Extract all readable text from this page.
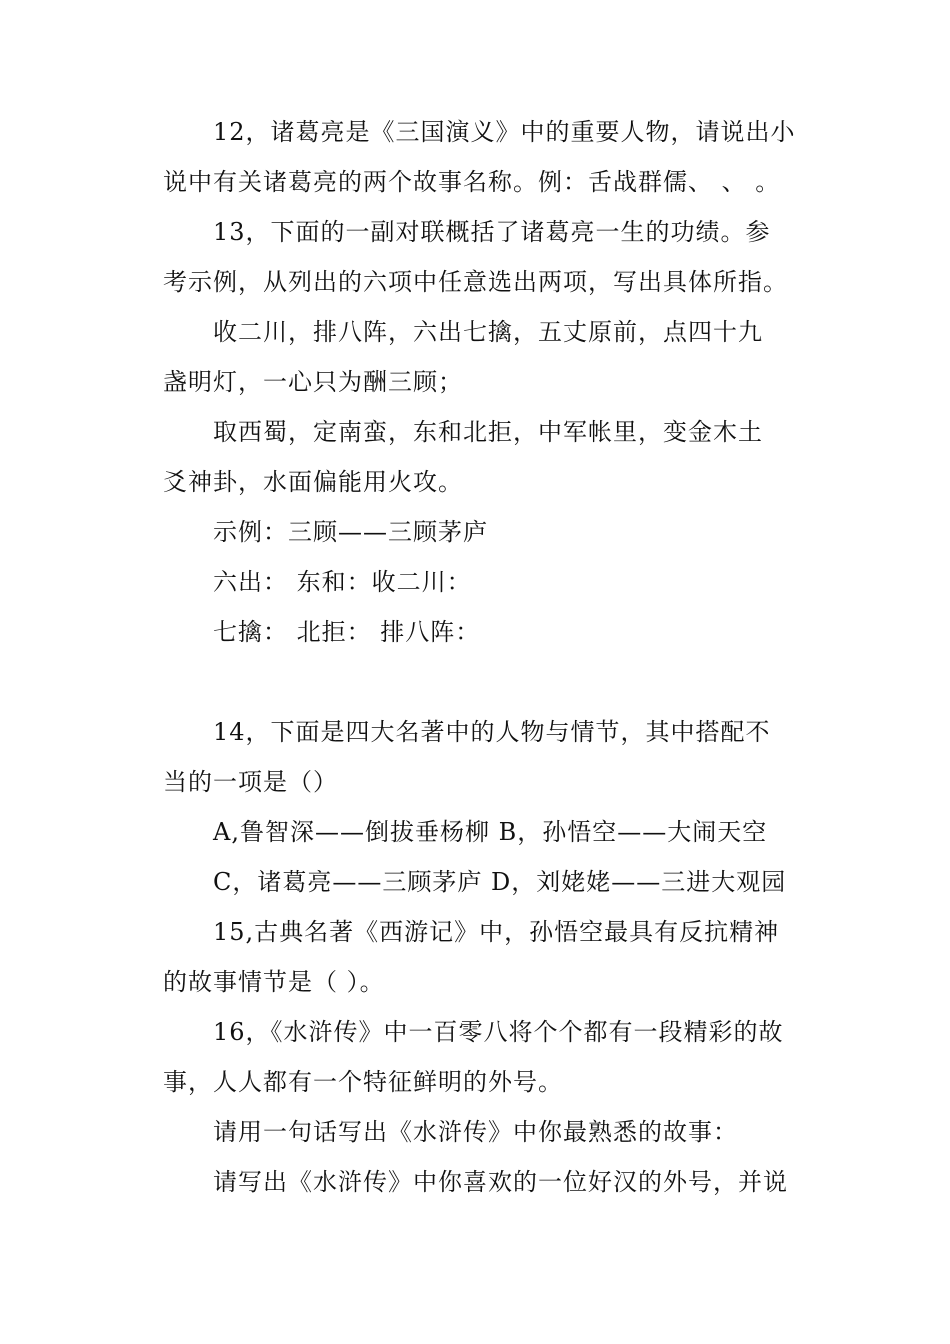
12，诸葛亮是《三国演义》中的重要人物，请说出小
说中有关诸葛亮的两个故事名称。例：舌战群儒、 、 。
13，下面的一副对联概括了诸葛亮一生的功绩。参
考示例，从列出的六项中任意选出两项，写出具体所指。
收二川，排八阵，六出七擒，五丈原前，点四十九
盏明灯，一心只为酬三顾；
取西蜀，定南蛮，东和北拒，中军帐里，变金木土
爻神卦，水面偏能用火攻。
示例：三顾——三顾茅庐
六出： 东和：收二川：
七擒： 北拒： 排八阵：
14，下面是四大名著中的人物与情节，其中搭配不
当的一项是（）
A,鲁智深——倒拔垂杨柳 B，孙悟空——大闹天空
C，诸葛亮——三顾茅庐 D，刘姥姥——三进大观园
15,古典名著《西游记》中，孙悟空最具有反抗精神
的故事情节是（ ）。
16，《水浒传》中一百零八将个个都有一段精彩的故
事，人人都有一个特征鲜明的外号。
请用一句话写出《水浒传》中你最熟悉的故事：
请写出《水浒传》中你喜欢的一位好汉的外号，并说
